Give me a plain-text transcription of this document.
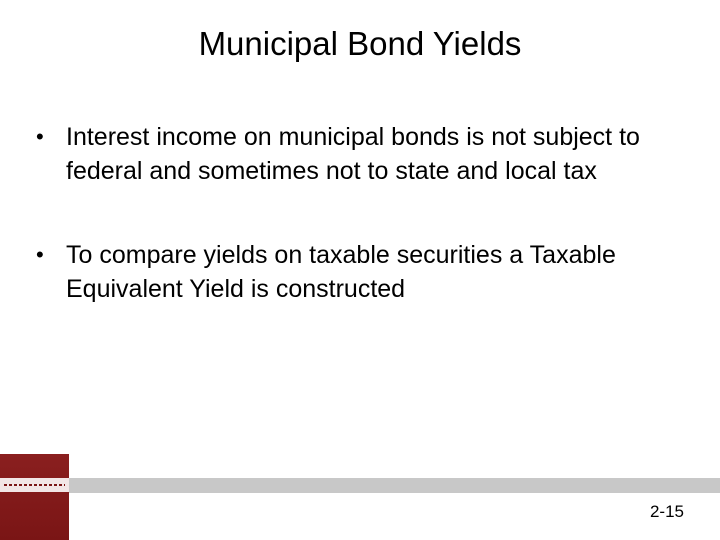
Municipal Bond Yields
• Interest income on municipal bonds is not subject to federal and sometimes not to state and local tax
• To compare yields on taxable securities a Taxable Equivalent Yield is constructed
2-15
